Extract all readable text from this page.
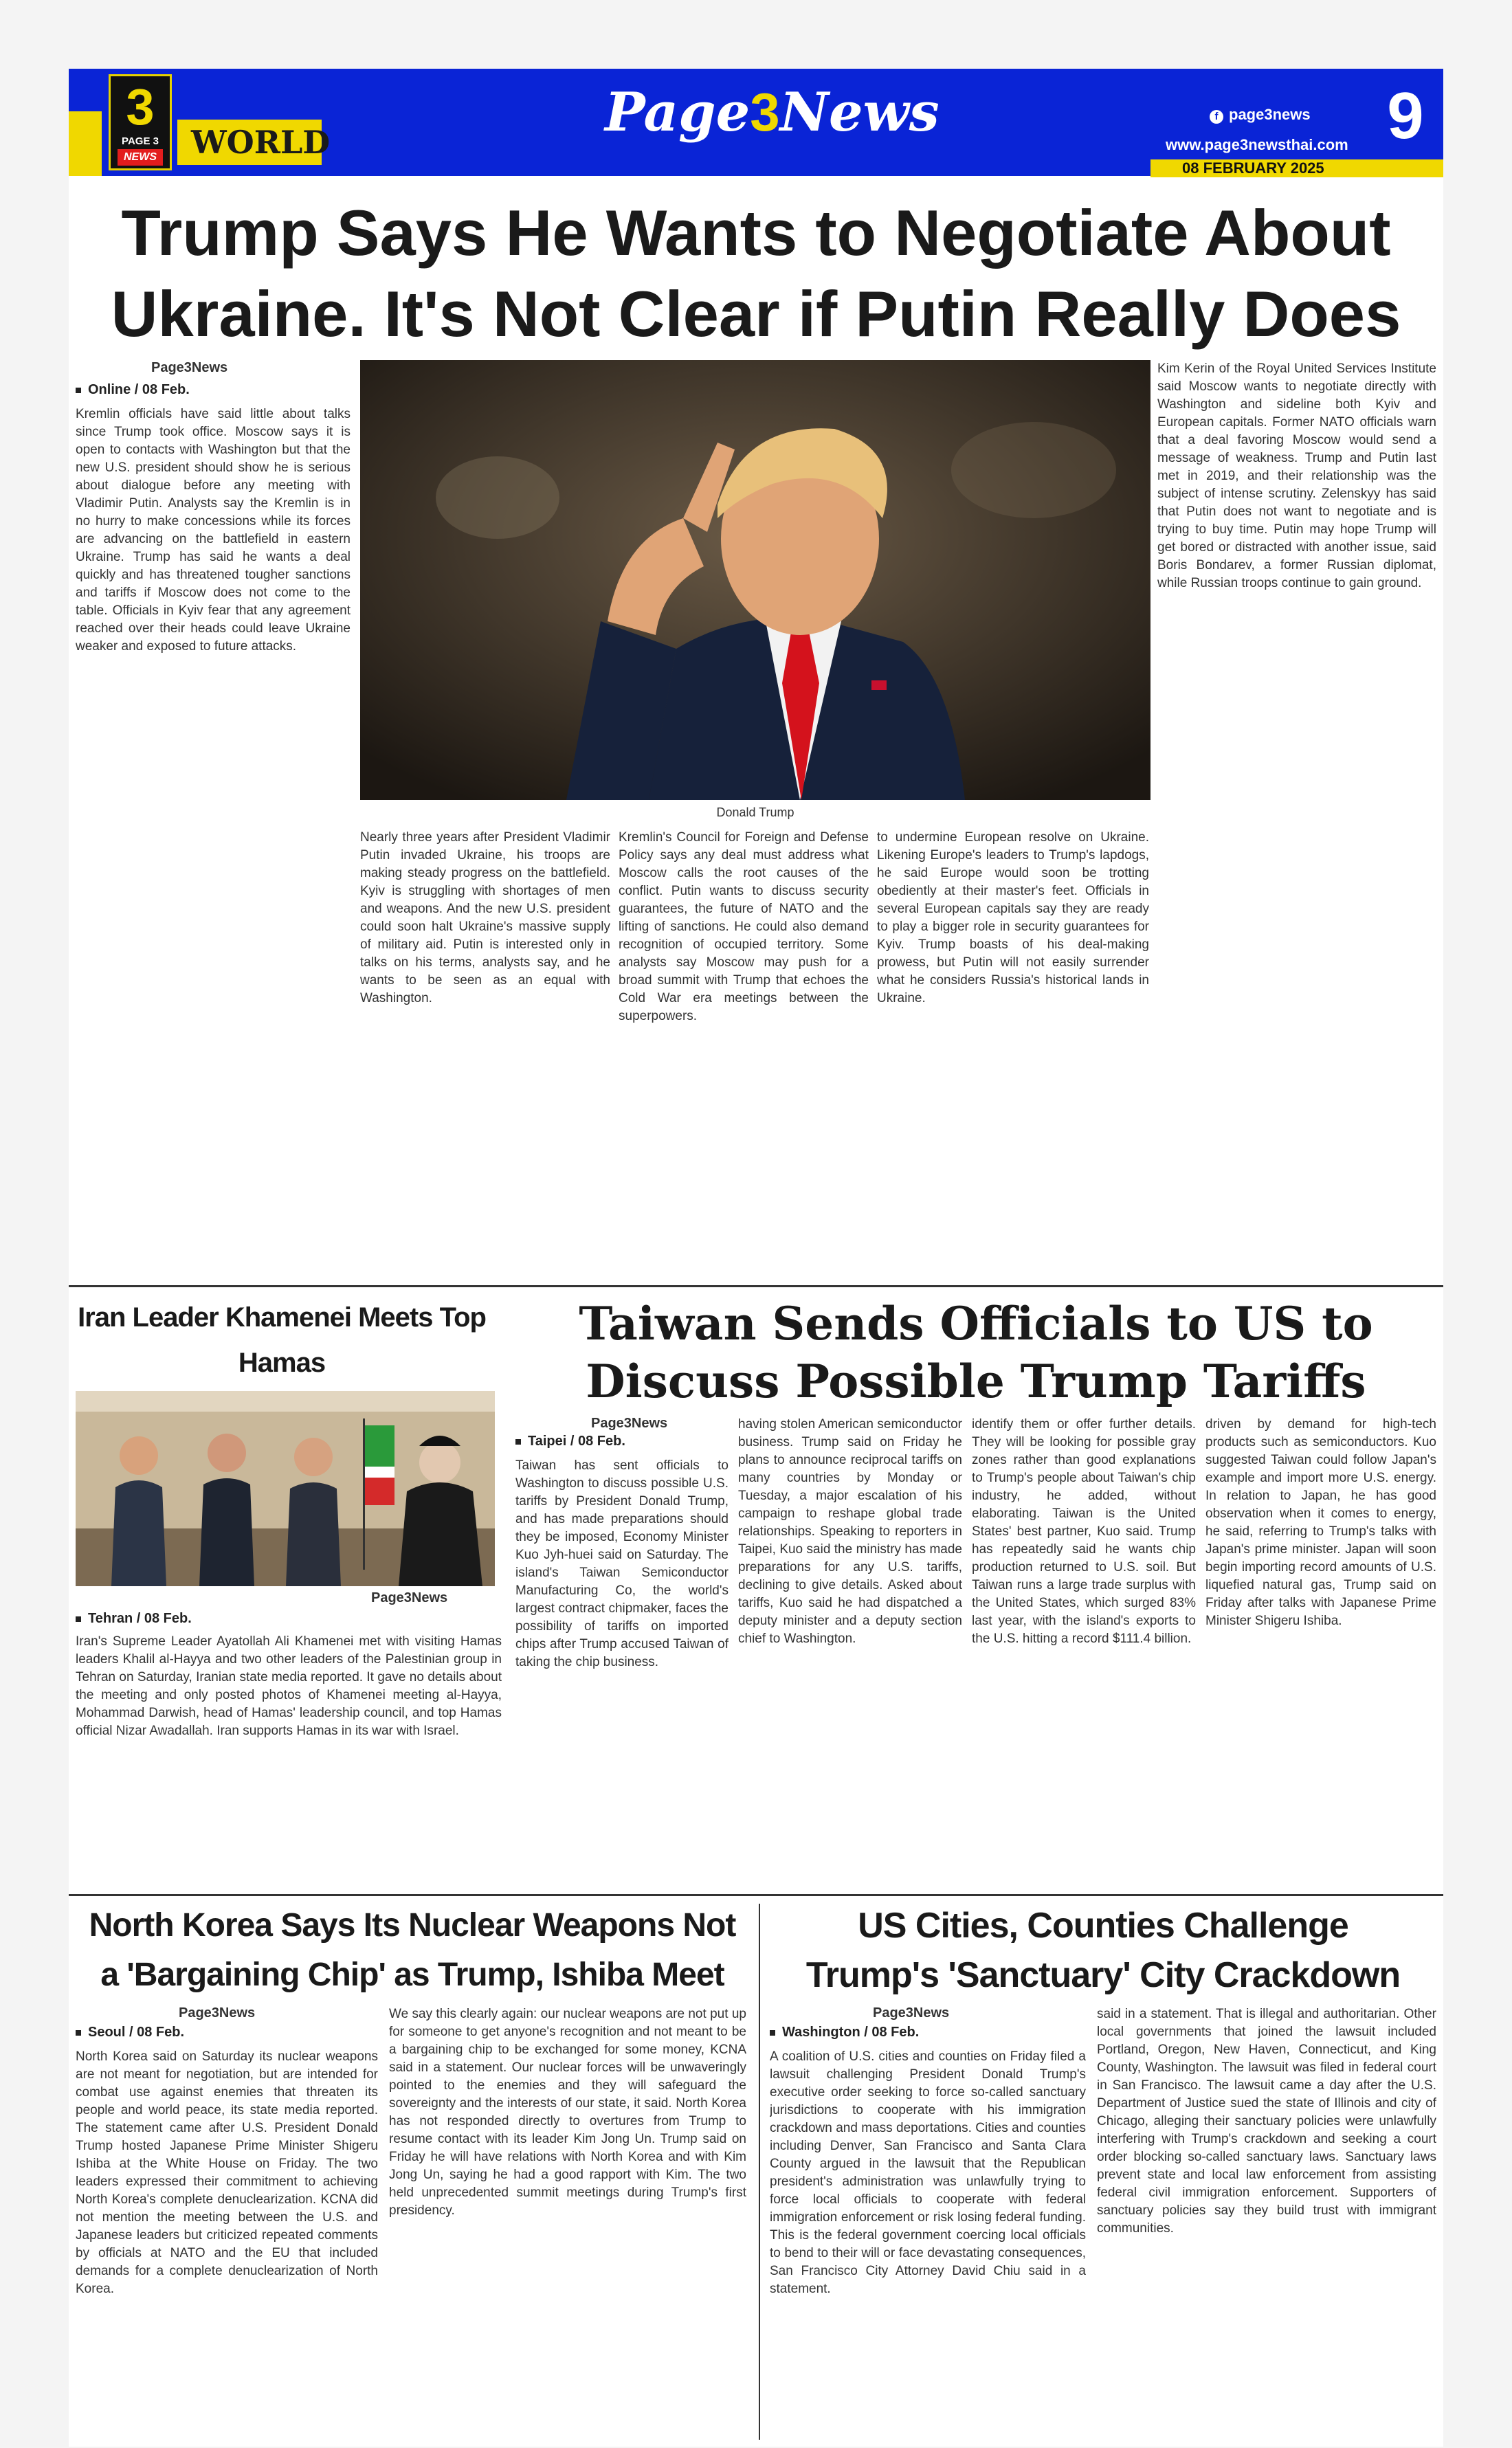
3
PAGE 3
NEWS	WORLD	Page3News	f page3news
www.page3newsthai.com 9
08 FEBRUARY 2025
Trump Says He Wants to Negotiate About
Ukraine. It's Not Clear if Putin Really Does
Page3News
Online / 08 Feb.

Kremlin officials have said little about talks since Trump took office. Moscow says it is open to contacts with Washington but that the new U.S. president should show he is serious about dialogue before any meeting with Vladimir Putin. Analysts say the Kremlin is in no hurry to make concessions while its forces are advancing on the battlefield in eastern Ukraine. Trump has said he wants a deal quickly and has threatened tougher sanctions and tariffs if Moscow does not come to the table. Officials in Kyiv fear that any agreement reached over their heads could leave Ukraine weaker and exposed to future attacks.

Donald Trump

Kim Kerin of the Royal United Services Institute said Moscow wants to negotiate directly with Washington and sideline both Kyiv and European capitals. Former NATO officials warn that a deal favoring Moscow would send a message of weakness. Trump and Putin last met in 2019, and their relationship was the subject of intense scrutiny. Zelenskyy has said that Putin does not want to negotiate and is trying to buy time. Putin may hope Trump will get bored or distracted with another issue, said Boris Bondarev, a former Russian diplomat, while Russian troops continue to gain ground.

Nearly three years after President Vladimir Putin invaded Ukraine, his troops are making steady progress on the battlefield. Kyiv is struggling with shortages of men and weapons. And the new U.S. president could soon halt Ukraine's massive supply of military aid. Putin is interested only in talks on his terms, analysts say, and he wants to be seen as an equal with Washington.

Kremlin's Council for Foreign and Defense Policy says any deal must address what Moscow calls the root causes of the conflict. Putin wants to discuss security guarantees, the future of NATO and the lifting of sanctions. He could also demand recognition of occupied territory. Some analysts say Moscow may push for a broad summit with Trump that echoes the Cold War era meetings between the superpowers.

to undermine European resolve on Ukraine. Likening Europe's leaders to Trump's lapdogs, he said Europe would soon be trotting obediently at their master's feet. Officials in several European capitals say they are ready to play a bigger role in security guarantees for Kyiv. Trump boasts of his deal-making prowess, but Putin will not easily surrender what he considers Russia's historical lands in Ukraine.

Iran Leader Khamenei Meets Top Hamas
Page3News
Tehran / 08 Feb.

Iran's Supreme Leader Ayatollah Ali Khamenei met with visiting Hamas leaders Khalil al-Hayya and two other leaders of the Palestinian group in Tehran on Saturday, Iranian state media reported. It gave no details about the meeting and only posted photos of Khamenei meeting al-Hayya, Mohammad Darwish, head of Hamas' leadership council, and top Hamas official Nizar Awadallah. Iran supports Hamas in its war with Israel.

Taiwan Sends Officials to US to
Discuss Possible Trump Tariffs
Page3News
Taipei / 08 Feb.

Taiwan has sent officials to Washington to discuss possible U.S. tariffs by President Donald Trump, and has made preparations should they be imposed, Economy Minister Kuo Jyh-huei said on Saturday. The island's Taiwan Semiconductor Manufacturing Co, the world's largest contract chipmaker, faces the possibility of tariffs on imported chips after Trump accused Taiwan of taking the chip business.

having stolen American semiconductor business. Trump said on Friday he plans to announce reciprocal tariffs on many countries by Monday or Tuesday, a major escalation of his campaign to reshape global trade relationships. Speaking to reporters in Taipei, Kuo said the ministry has made preparations for any U.S. tariffs, declining to give details. Asked about tariffs, Kuo said he had dispatched a deputy minister and a deputy section chief to Washington.

identify them or offer further details. They will be looking for possible gray zones rather than good explanations to Trump's people about Taiwan's chip industry, he added, without elaborating. Taiwan is the United States' best partner, Kuo said. Trump has repeatedly said he wants chip production returned to U.S. soil. But Taiwan runs a large trade surplus with the United States, which surged 83% last year, with the island's exports to the U.S. hitting a record $111.4 billion.

driven by demand for high-tech products such as semiconductors. Kuo suggested Taiwan could follow Japan's example and import more U.S. energy. In relation to Japan, he has good observation when it comes to energy, he said, referring to Trump's talks with Japan's prime minister. Japan will soon begin importing record amounts of U.S. liquefied natural gas, Trump said on Friday after talks with Japanese Prime Minister Shigeru Ishiba.

North Korea Says Its Nuclear Weapons Not
a 'Bargaining Chip' as Trump, Ishiba Meet
Page3News
Seoul / 08 Feb.

North Korea said on Saturday its nuclear weapons are not meant for negotiation, but are intended for combat use against enemies that threaten its people and world peace, its state media reported. The statement came after U.S. President Donald Trump hosted Japanese Prime Minister Shigeru Ishiba at the White House on Friday. The two leaders expressed their commitment to achieving North Korea's complete denuclearization. KCNA did not mention the meeting between the U.S. and Japanese leaders but criticized repeated comments by officials at NATO and the EU that included demands for a complete denuclearization of North Korea.

We say this clearly again: our nuclear weapons are not put up for someone to get anyone's recognition and not meant to be a bargaining chip to be exchanged for some money, KCNA said in a statement. Our nuclear forces will be unwaveringly pointed to the enemies and they will safeguard the sovereignty and the interests of our state, it said. North Korea has not responded directly to overtures from Trump to resume contact with its leader Kim Jong Un. Trump said on Friday he will have relations with North Korea and with Kim Jong Un, saying he had a good rapport with Kim. The two held unprecedented summit meetings during Trump's first presidency.

US Cities, Counties Challenge
Trump's 'Sanctuary' City Crackdown
Page3News
Washington / 08 Feb.

A coalition of U.S. cities and counties on Friday filed a lawsuit challenging President Donald Trump's executive order seeking to force so-called sanctuary jurisdictions to cooperate with his immigration crackdown and mass deportations. Cities and counties including Denver, San Francisco and Santa Clara County argued in the lawsuit that the Republican president's administration was unlawfully trying to force local officials to cooperate with federal immigration enforcement or risk losing federal funding. This is the federal government coercing local officials to bend to their will or face devastating consequences, San Francisco City Attorney David Chiu said in a statement.

said in a statement. That is illegal and authoritarian. Other local governments that joined the lawsuit included Portland, Oregon, New Haven, Connecticut, and King County, Washington. The lawsuit was filed in federal court in San Francisco. The lawsuit came a day after the U.S. Department of Justice sued the state of Illinois and city of Chicago, alleging their sanctuary policies were unlawfully interfering with Trump's crackdown and seeking a court order blocking so-called sanctuary laws. Sanctuary laws prevent state and local law enforcement from assisting federal civil immigration enforcement. Supporters of sanctuary policies say they build trust with immigrant communities.
